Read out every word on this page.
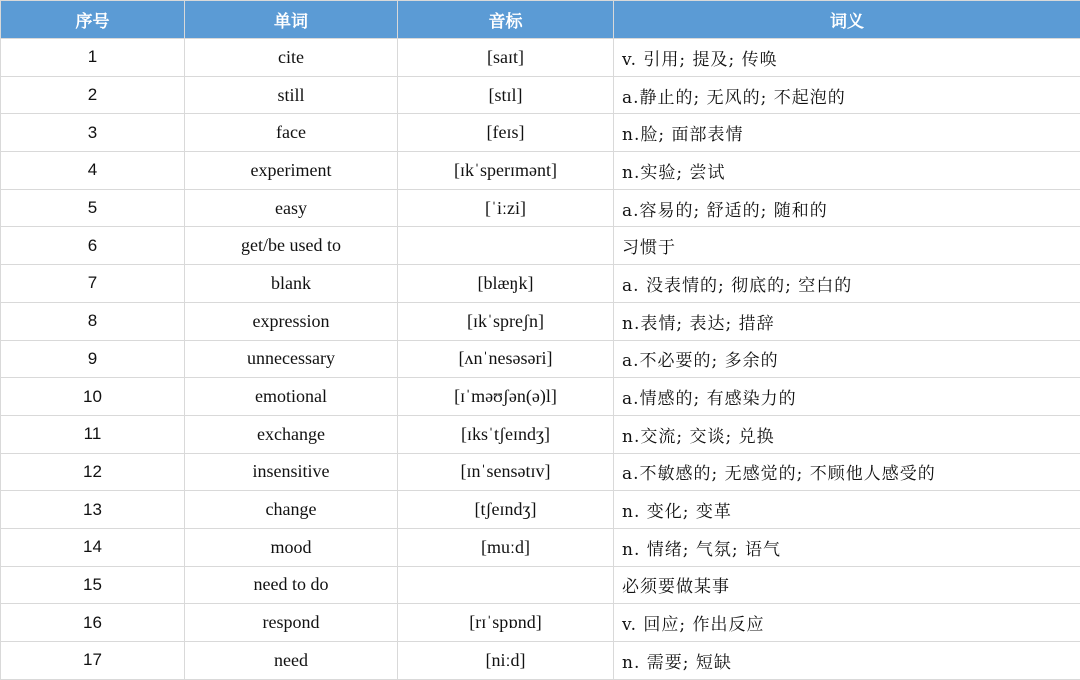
序号	单词	音标	词义
1	cite	[saɪt]	v. 引用; 提及; 传唤
2	still	[stɪl]	a.静止的; 无风的; 不起泡的
3	face	[feɪs]	n.脸; 面部表情
4	experiment	[ɪkˈsperɪmənt]	n.实验; 尝试
5	easy	[ˈiːzi]	a.容易的; 舒适的; 随和的
6	get/be used to		习惯于
7	blank	[blæŋk]	a. 没表情的; 彻底的; 空白的
8	expression	[ɪkˈspreʃn]	n.表情; 表达; 措辞
9	unnecessary	[ʌnˈnesəsəri]	a.不必要的; 多余的
10	emotional	[ɪˈməʊʃən(ə)l]	a.情感的; 有感染力的
11	exchange	[ɪksˈtʃeɪndʒ]	n.交流; 交谈; 兑换
12	insensitive	[ɪnˈsensətɪv]	a.不敏感的; 无感觉的; 不顾他人感受的
13	change	[tʃeɪndʒ]	n. 变化; 变革
14	mood	[muːd]	n. 情绪; 气氛; 语气
15	need to do		必须要做某事
16	respond	[rɪˈspɒnd]	v. 回应; 作出反应
17	need	[niːd]	n. 需要; 短缺
